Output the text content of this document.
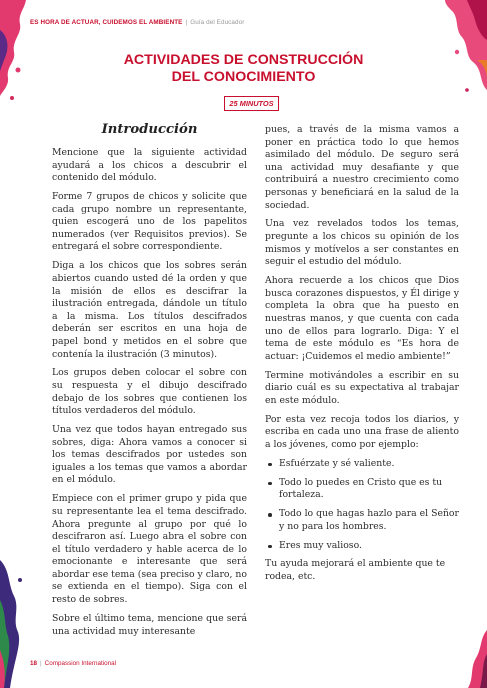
ES HORA DE ACTUAR, CUIDEMOS EL AMBIENTE | Guía del Educador
ACTIVIDADES DE CONSTRUCCIÓN
DEL CONOCIMIENTO
25 MINUTOS
Introducción

Mencione que la siguiente actividad ayudará a los chicos a descubrir el contenido del módulo.

Forme 7 grupos de chicos y solicite que cada grupo nombre un representante, quien escogerá uno de los papelitos numerados (ver Requisitos previos). Se entregará el sobre correspondiente.

Diga a los chicos que los sobres serán abiertos cuando usted dé la orden y que la misión de ellos es descifrar la ilustración entregada, dándole un título a la misma. Los títulos descifrados deberán ser escritos en una hoja de papel bond y metidos en el sobre que contenía la ilustración (3 minutos).

Los grupos deben colocar el sobre con su respuesta y el dibujo descifrado debajo de los sobres que contienen los títulos verdaderos del módulo.

Una vez que todos hayan entregado sus sobres, diga: Ahora vamos a conocer si los temas descifrados por ustedes son iguales a los temas que vamos a abordar en el módulo.

Empiece con el primer grupo y pida que su representante lea el tema descifrado. Ahora pregunte al grupo por qué lo descifraron así. Luego abra el sobre con el título verdadero y hable acerca de lo emocionante e interesante que será abordar ese tema (sea preciso y claro, no se extienda en el tiempo). Siga con el resto de sobres.

Sobre el último tema, mencione que será una actividad muy interesante

pues, a través de la misma vamos a poner en práctica todo lo que hemos asimilado del módulo. De seguro será una actividad muy desafiante y que contribuirá a nuestro crecimiento como personas y beneficiará en la salud de la sociedad.

Una vez revelados todos los temas, pregunte a los chicos su opinión de los mismos y motívelos a ser constantes en seguir el estudio del módulo.

Ahora recuerde a los chicos que Dios busca corazones dispuestos, y Él dirige y completa la obra que ha puesto en nuestras manos, y que cuenta con cada uno de ellos para lograrlo. Diga: Y el tema de este módulo es “Es hora de actuar: ¡Cuidemos el medio ambiente!”

Termine motivándoles a escribir en su diario cuál es su expectativa al trabajar en este módulo.

Por esta vez recoja todos los diarios, y escriba en cada uno una frase de aliento a los jóvenes, como por ejemplo:

Esfuérzate y sé valiente.
Todo lo puedes en Cristo que es tu fortaleza.
Todo lo que hagas hazlo para el Señor y no para los hombres.
Eres muy valioso.

Tu ayuda mejorará el ambiente que te rodea, etc.

18 | Compassion International
